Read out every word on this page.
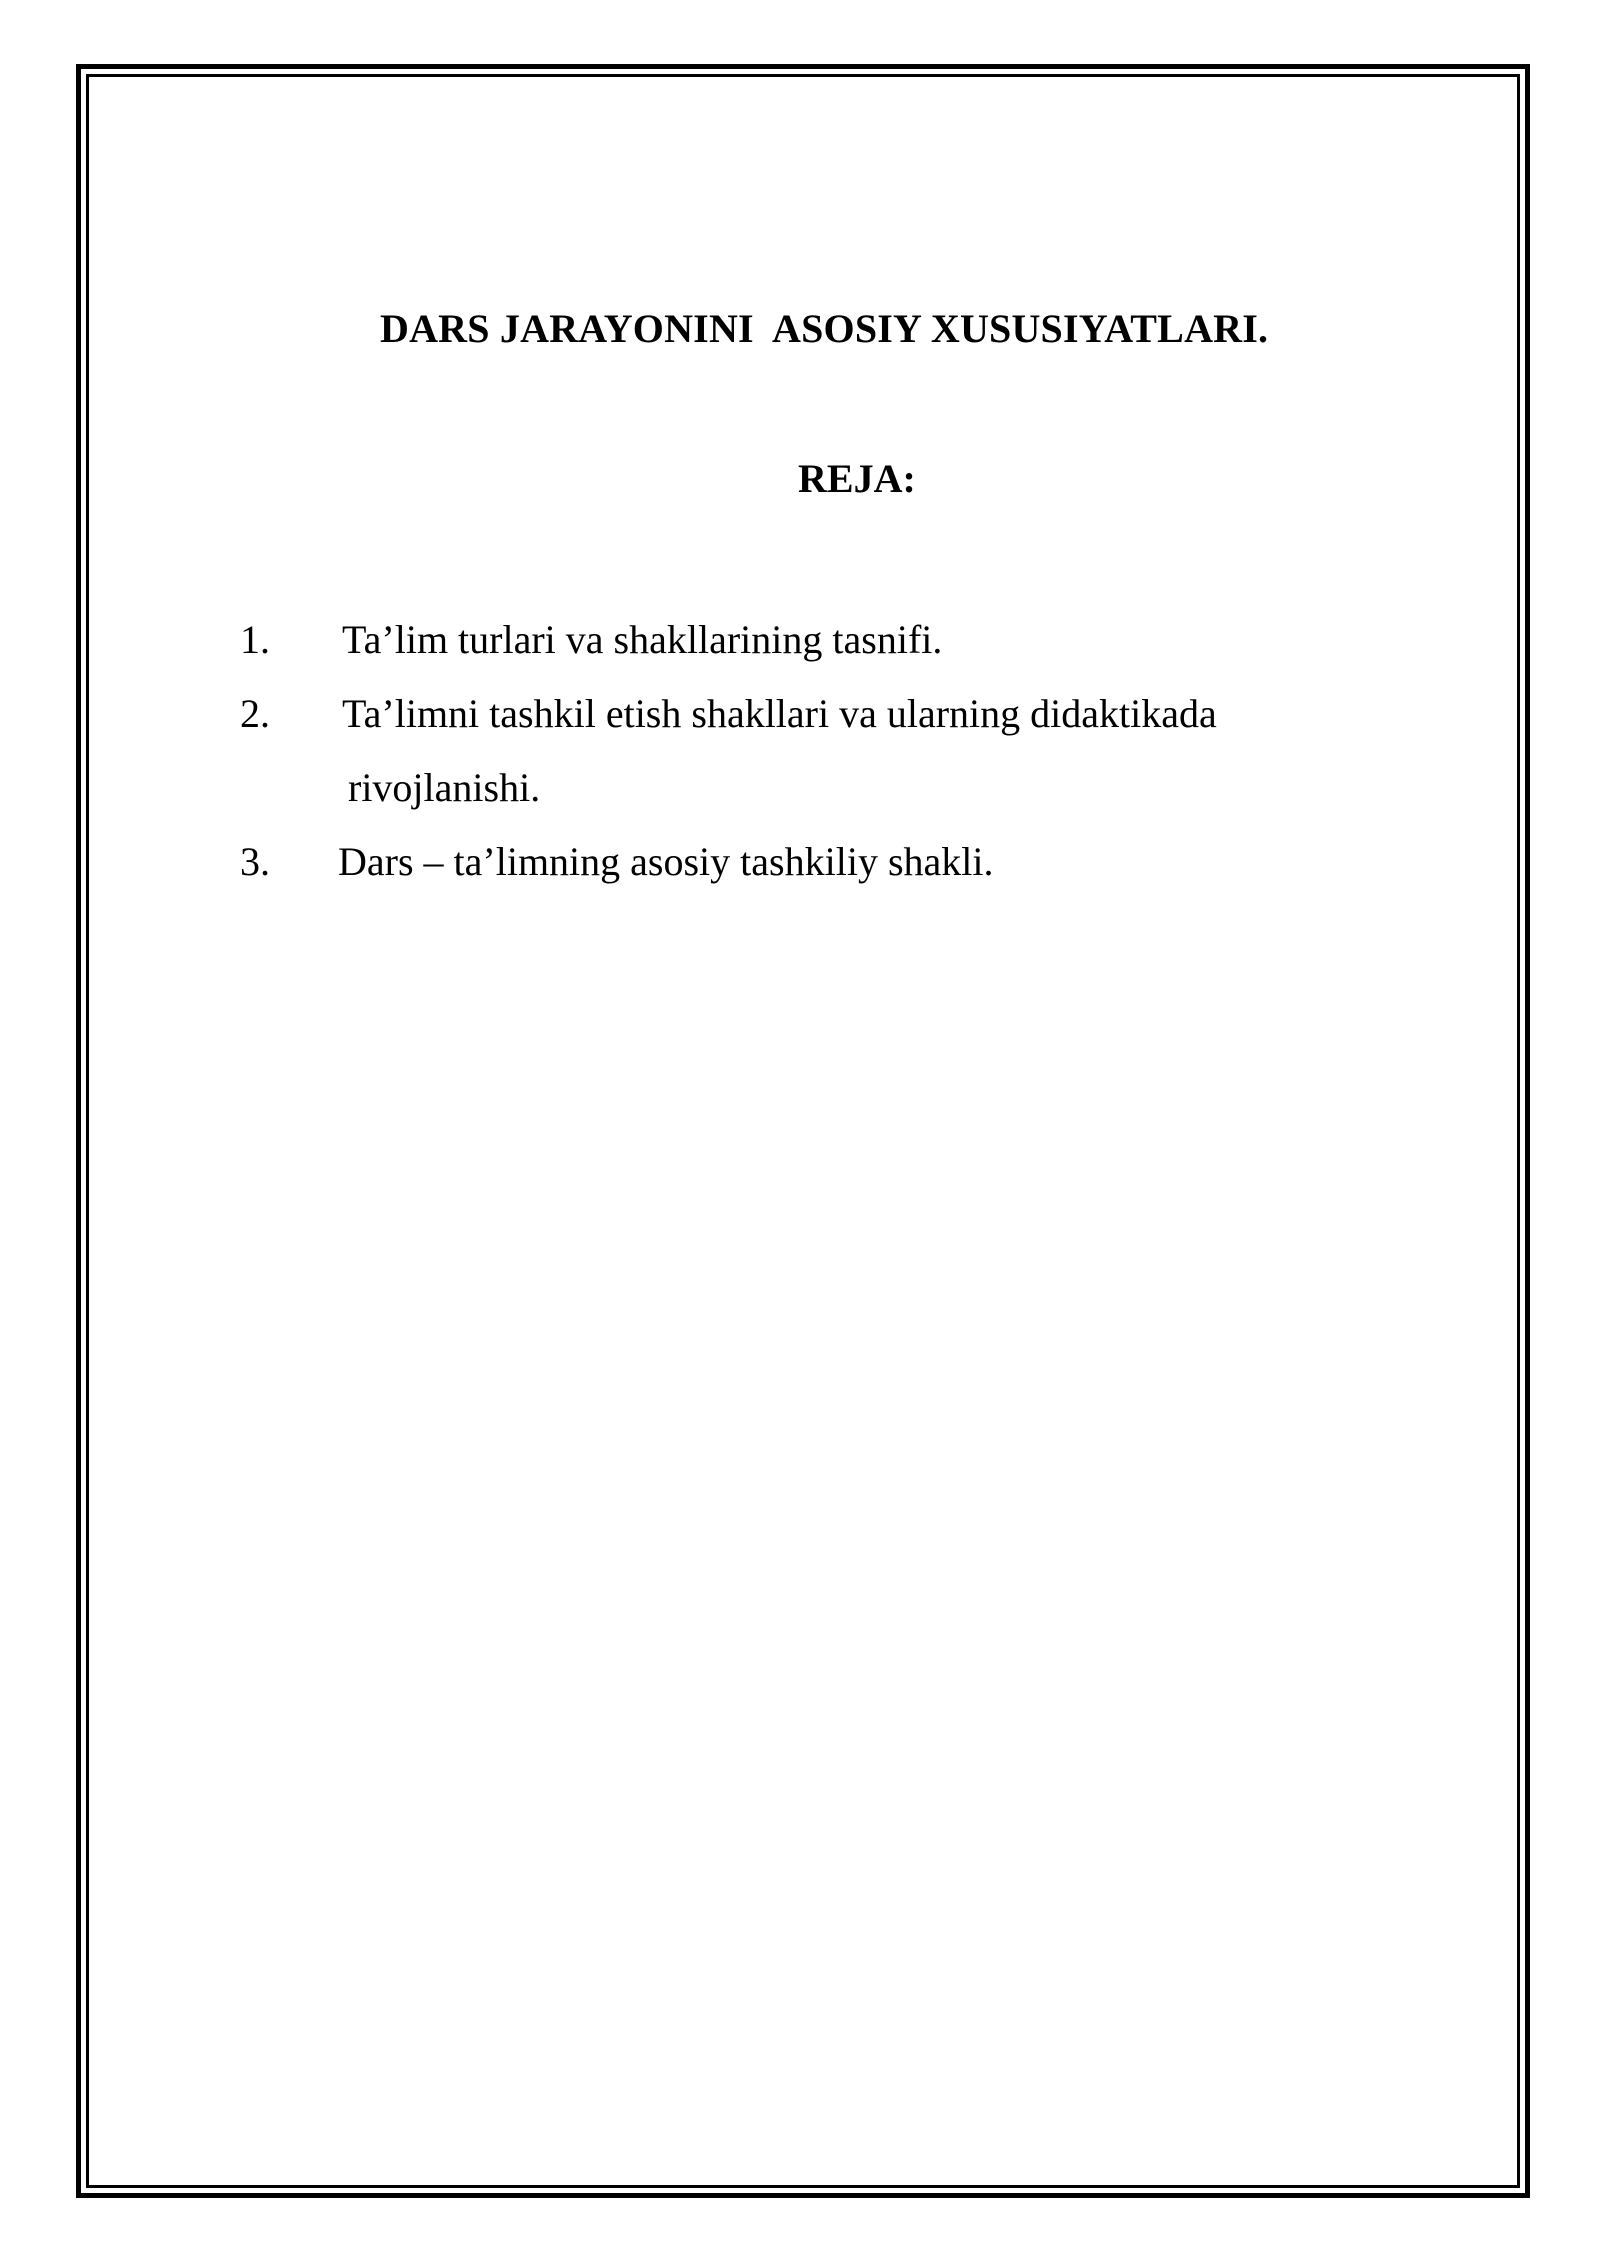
DARS JARAYONINI  ASOSIY XUSUSIYATLARI.
REJA:
1. Ta’lim turlari va shakllarining tasnifi.
2. Ta’limni tashkil etish shakllari va ularning didaktikada
rivojlanishi.
3. Dars – ta’limning asosiy tashkiliy shakli.
